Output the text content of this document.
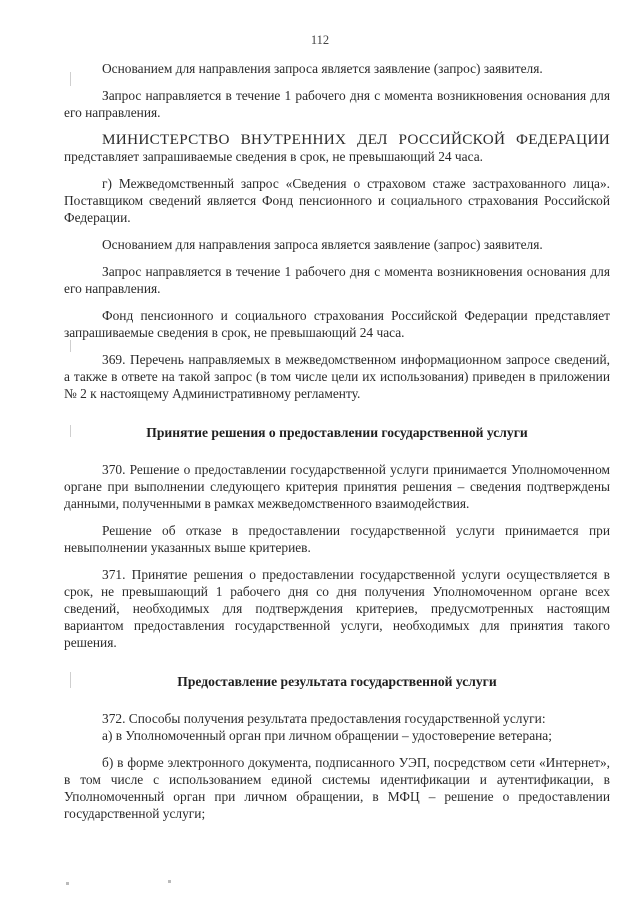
112

Основанием для направления запроса является заявление (запрос) заявителя.

Запрос направляется в течение 1 рабочего дня с момента возникновения основания для его направления.

МИНИСТЕРСТВО ВНУТРЕННИХ ДЕЛ РОССИЙСКОЙ ФЕДЕРАЦИИ представляет запрашиваемые сведения в срок, не превышающий 24 часа.

г) Межведомственный запрос «Сведения о страховом стаже застрахованного лица». Поставщиком сведений является Фонд пенсионного и социального страхования Российской Федерации.

Основанием для направления запроса является заявление (запрос) заявителя.

Запрос направляется в течение 1 рабочего дня с момента возникновения основания для его направления.

Фонд пенсионного и социального страхования Российской Федерации представляет запрашиваемые сведения в срок, не превышающий 24 часа.

369. Перечень направляемых в межведомственном информационном запросе сведений, а также в ответе на такой запрос (в том числе цели их использования) приведен в приложении № 2 к настоящему Административному регламенту.

Принятие решения о предоставлении государственной услуги

370. Решение о предоставлении государственной услуги принимается Уполномоченном органе при выполнении следующего критерия принятия решения – сведения подтверждены данными, полученными в рамках межведомственного взаимодействия.

Решение об отказе в предоставлении государственной услуги принимается при невыполнении указанных выше критериев.

371. Принятие решения о предоставлении государственной услуги осуществляется в срок, не превышающий 1 рабочего дня со дня получения Уполномоченном органе всех сведений, необходимых для подтверждения критериев, предусмотренных настоящим вариантом предоставления государственной услуги, необходимых для принятия такого решения.

Предоставление результата государственной услуги

372. Способы получения результата предоставления государственной услуги:

а) в Уполномоченный орган при личном обращении – удостоверение ветерана;

б) в форме электронного документа, подписанного УЭП, посредством сети «Интернет», в том числе с использованием единой системы идентификации и аутентификации, в Уполномоченный орган при личном обращении, в МФЦ – решение о предоставлении государственной услуги;
